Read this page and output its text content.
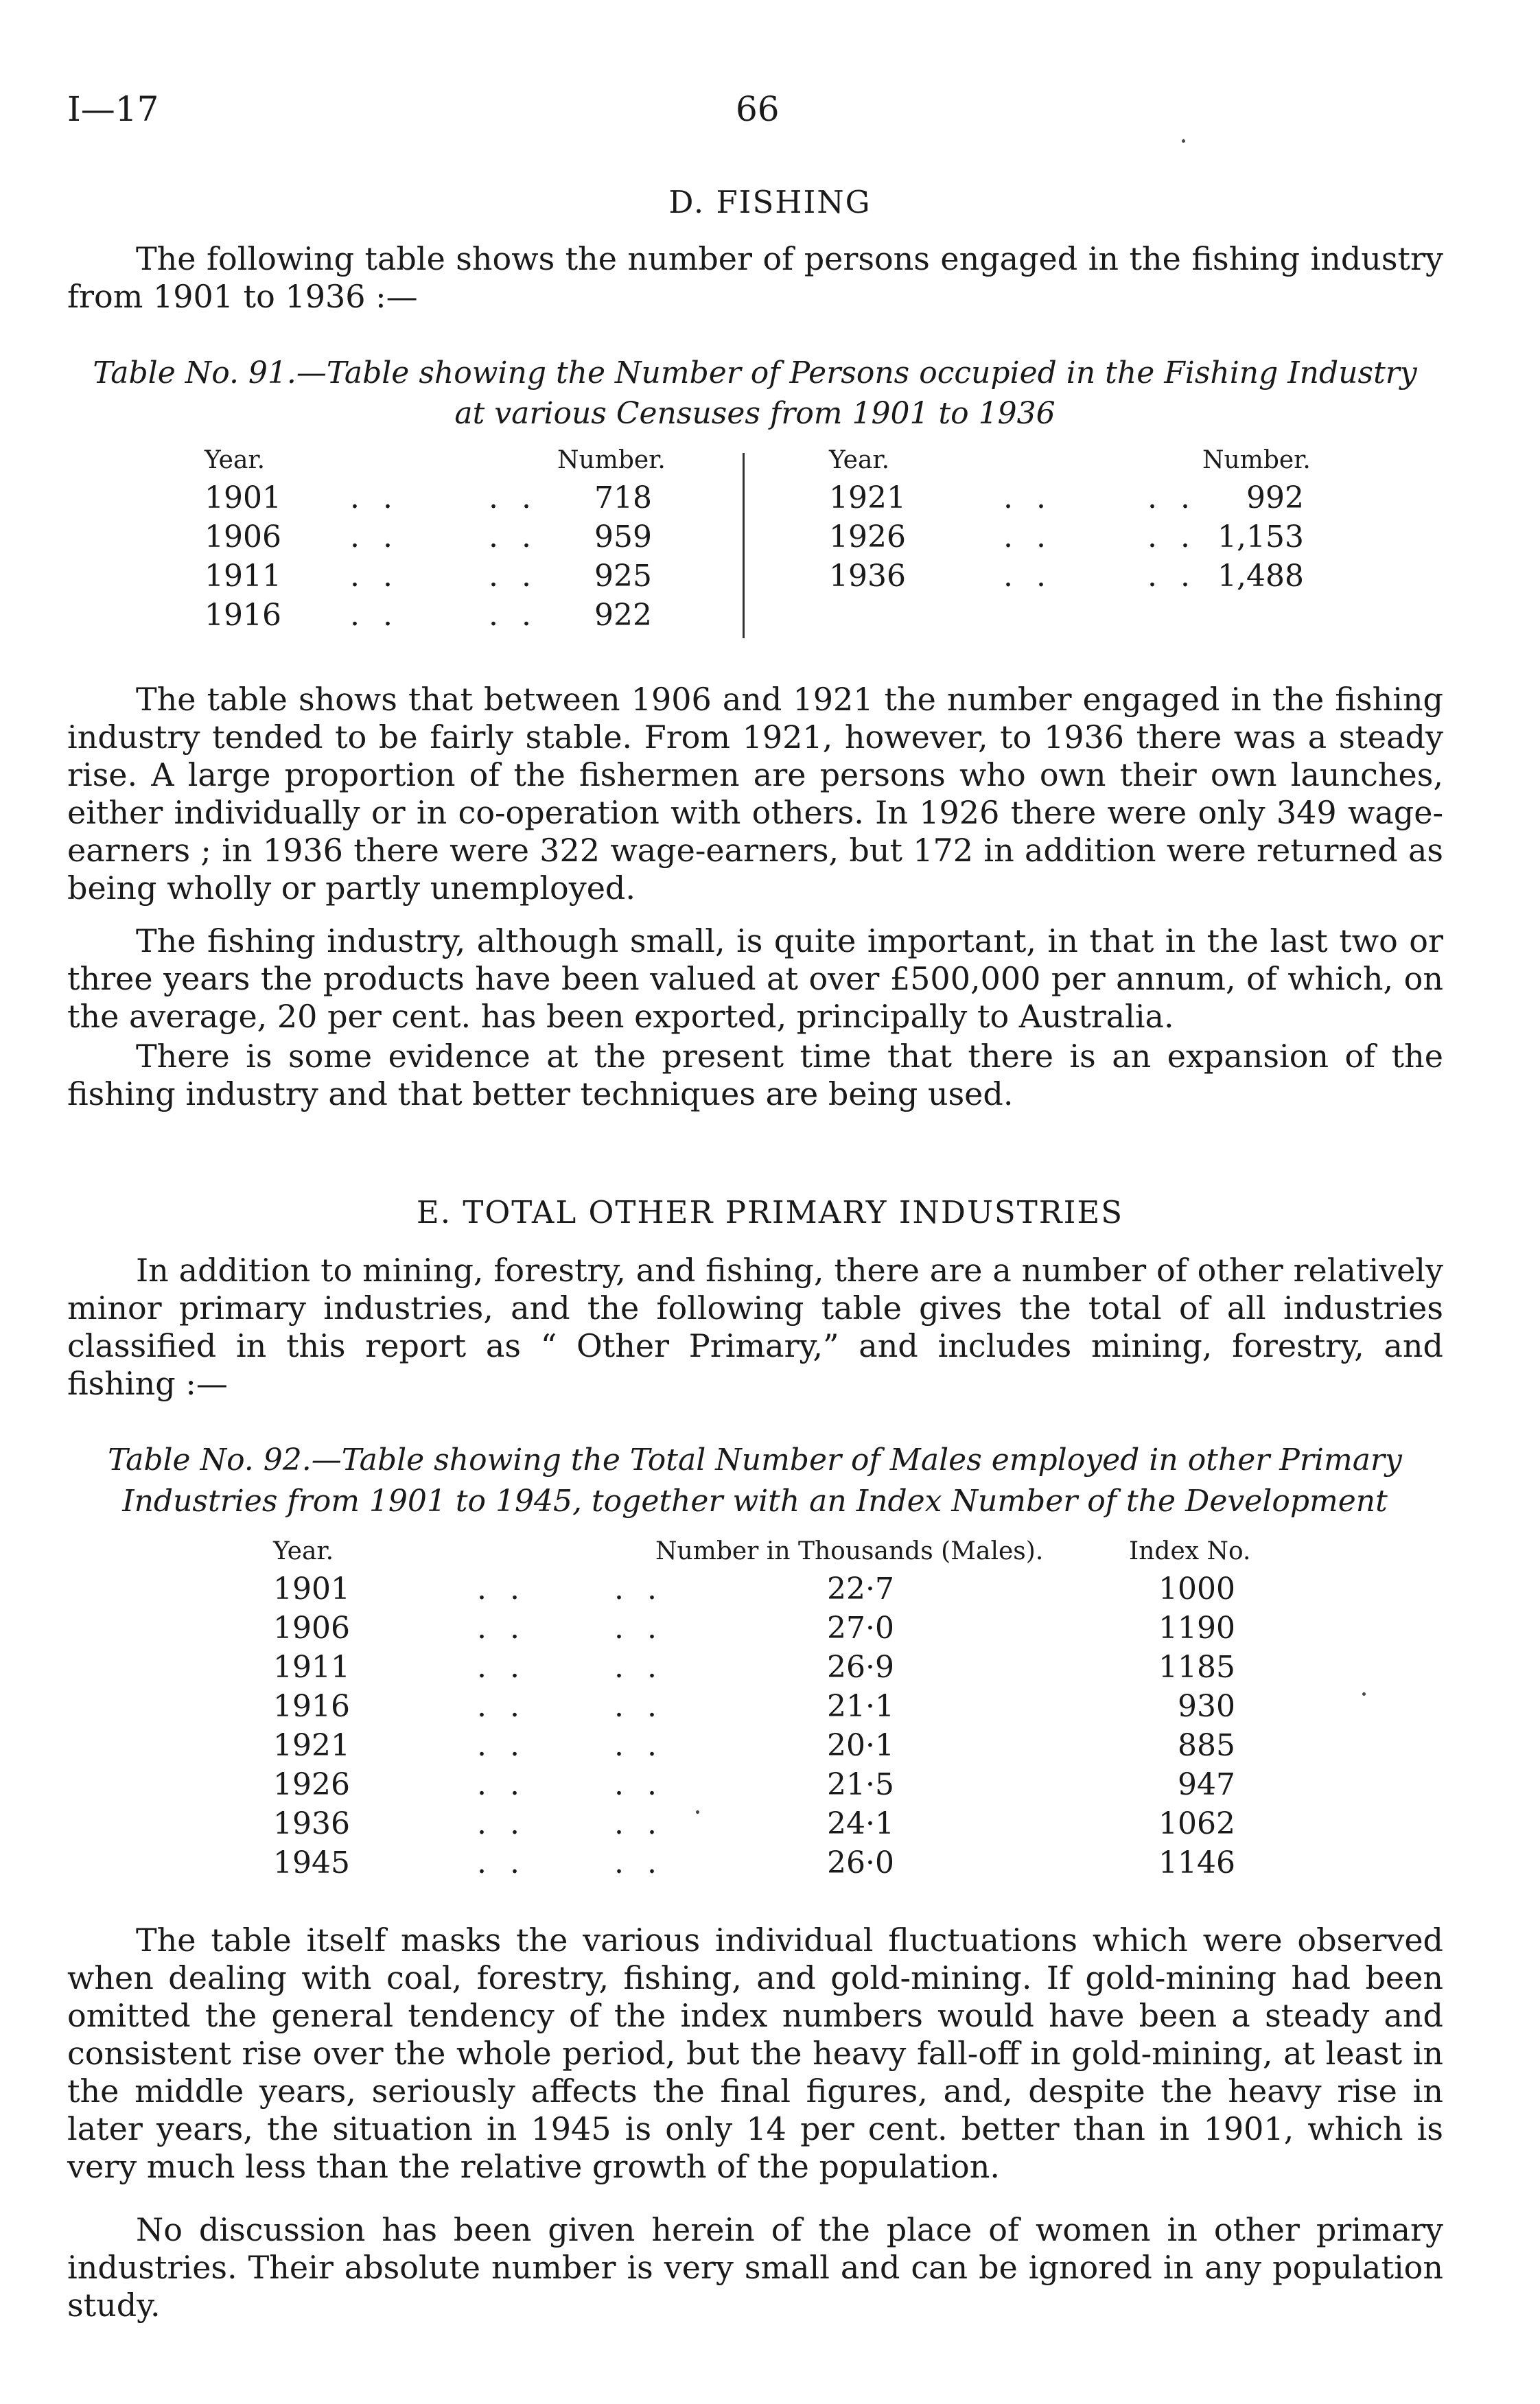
I—17	66
D. FISHING
The following table shows the number of persons engaged in the fishing industry from 1901 to 1936 :—
Table No. 91.—Table showing the Number of Persons occupied in the Fishing Industry
at various Censuses from 1901 to 1936
Year.	Number.	Year.	Number.
1901 . .	. .	718
1906 . .	. .	959
1911 . .	. .	925
1916 . .	. .	922
1921	. .	. .	992
1926	. .	. . 1,153
1936	. .	. . 1,488
The table shows that between 1906 and 1921 the number engaged in the fishing industry tended to be fairly stable. From 1921, however, to 1936 there was a steady rise. A large proportion of the fishermen are persons who own their own launches, either individually or in co-operation with others. In 1926 there were only 349 wage-earners ; in 1936 there were 322 wage-earners, but 172 in addition were returned as being wholly or partly unemployed.
The fishing industry, although small, is quite important, in that in the last two or three years the products have been valued at over £500,000 per annum, of which, on the average, 20 per cent. has been exported, principally to Australia.
There is some evidence at the present time that there is an expansion of the fishing industry and that better techniques are being used.
E. TOTAL OTHER PRIMARY INDUSTRIES
In addition to mining, forestry, and fishing, there are a number of other relatively minor primary industries, and the following table gives the total of all industries classified in this report as “ Other Primary,” and includes mining, forestry, and fishing :—
Table No. 92.—Table showing the Total Number of Males employed in other Primary
Industries from 1901 to 1945, together with an Index Number of the Development
Year.	Number in Thousands (Males).	Index No.
1901	. .	. .	22·7	1000
1906	. .	. .	27·0	1190
1911	. .	. .	26·9	1185
1916	. .	. .	21·1	930
1921	. .	. .	20·1	885
1926	. .	. .	21·5	947
1936	. .	. .	24·1	1062
1945	. .	. .	26·0	1146
The table itself masks the various individual fluctuations which were observed when dealing with coal, forestry, fishing, and gold-mining. If gold-mining had been omitted the general tendency of the index numbers would have been a steady and consistent rise over the whole period, but the heavy fall-off in gold-mining, at least in the middle years, seriously affects the final figures, and, despite the heavy rise in later years, the situation in 1945 is only 14 per cent. better than in 1901, which is very much less than the relative growth of the population.
No discussion has been given herein of the place of women in other primary industries. Their absolute number is very small and can be ignored in any population study.
